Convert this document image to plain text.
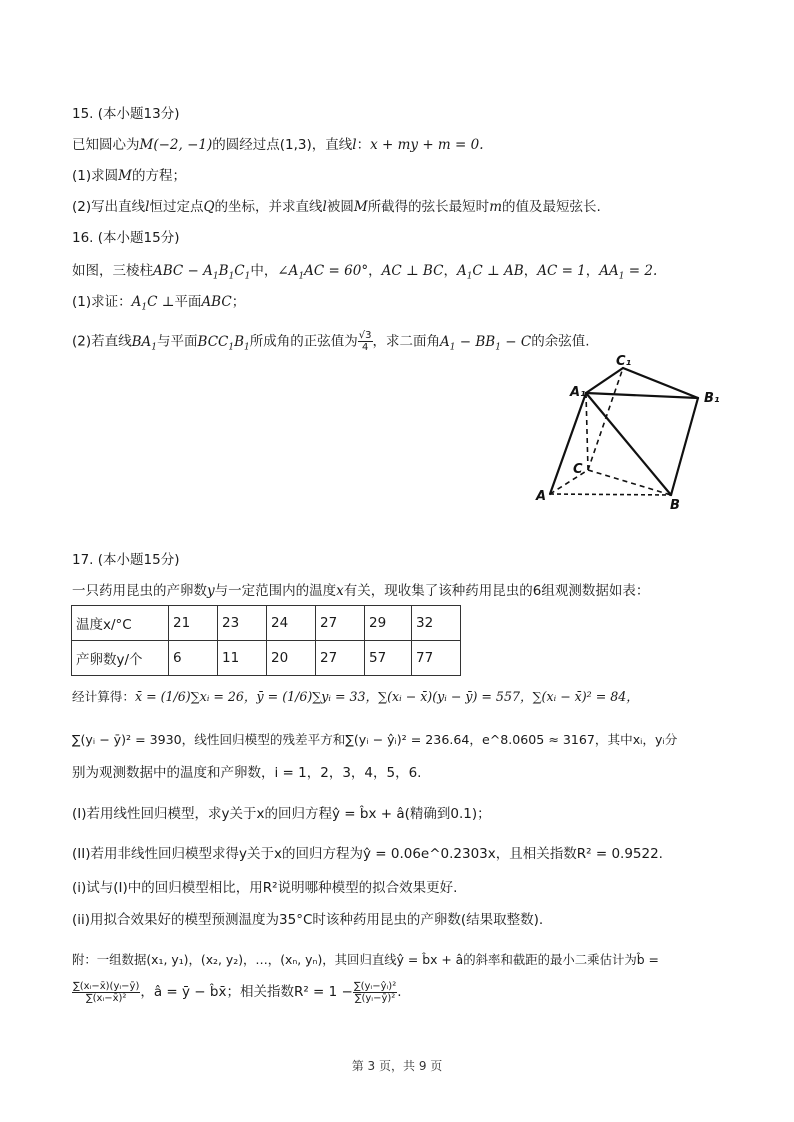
15. (本小题13分)
已知圆心为M(−2, −1)的圆经过点(1,3)，直线l：x + my + m = 0.
(1)求圆M的方程；
(2)写出直线l恒过定点Q的坐标，并求直线l被圆M所截得的弦长最短时m的值及最短弦长.
16. (本小题15分)
如图，三棱柱ABC − $A_1B_1C_1$中，$\angle A_1AC = 60^\circ$，AC ⊥ BC，$A_1C$ ⊥ AB，AC = 1，$AA_1 = 2$.
(1)求证：$A_1C$ ⊥平面ABC；
(2)若直线$BA_1$与平面$BCC_1B_1$所成角的正弦值为 $\frac{√3}{4}$ ，求二面角$A_1 - BB_1 - C$的余弦值.
A
B
C
A₁	B₁
C₁
17. (本小题15分)
一只药用昆虫的产卵数y与一定范围内的温度x有关，现收集了该种药用昆虫的6组观测数据如表：
温度x/°C	21	23	24	27	29	32
产卵数y/个	6	11	20	27	57	77
经计算得：x̄ = (1/6)∑xᵢ = 26，ȳ = (1/6)∑yᵢ = 33，∑(xᵢ − x̄)(yᵢ − ȳ) = 557，∑(xᵢ − x̄)² = 84，
∑(yᵢ − ȳ)² = 3930，线性回归模型的残差平方和∑(yᵢ − ŷᵢ)² = 236.64，e^8.0605 ≈ 3167，其中xᵢ，yᵢ分
别为观测数据中的温度和产卵数，i = 1，2，3，4，5，6.
(I)若用线性回归模型，求y关于x的回归方程ŷ = b̂x + â(精确到0.1)；
(II)若用非线性回归模型求得y关于x的回归方程为ŷ = 0.06e^0.2303x，且相关指数R² = 0.9522.
(i)试与(I)中的回归模型相比，用R²说明哪种模型的拟合效果更好.
(ii)用拟合效果好的模型预测温度为35°C时该种药用昆虫的产卵数(结果取整数).
附：一组数据(x₁, y₁)，(x₂, y₂)，…，(xₙ, yₙ)，其回归直线ŷ = b̂x + â的斜率和截距的最小二乘估计为b̂ =
$\frac{\text{∑(xᵢ−x̄)(yᵢ−ȳ)}}{\text{∑(xᵢ−x̄)²}}$ ，â = ȳ − b̂x̄；相关指数$R^2 = 1 - \frac{\text{∑(yᵢ−ŷᵢ)²}}{\text{∑(yᵢ−ȳ)²}}$ .
第 3 页，共 9 页
